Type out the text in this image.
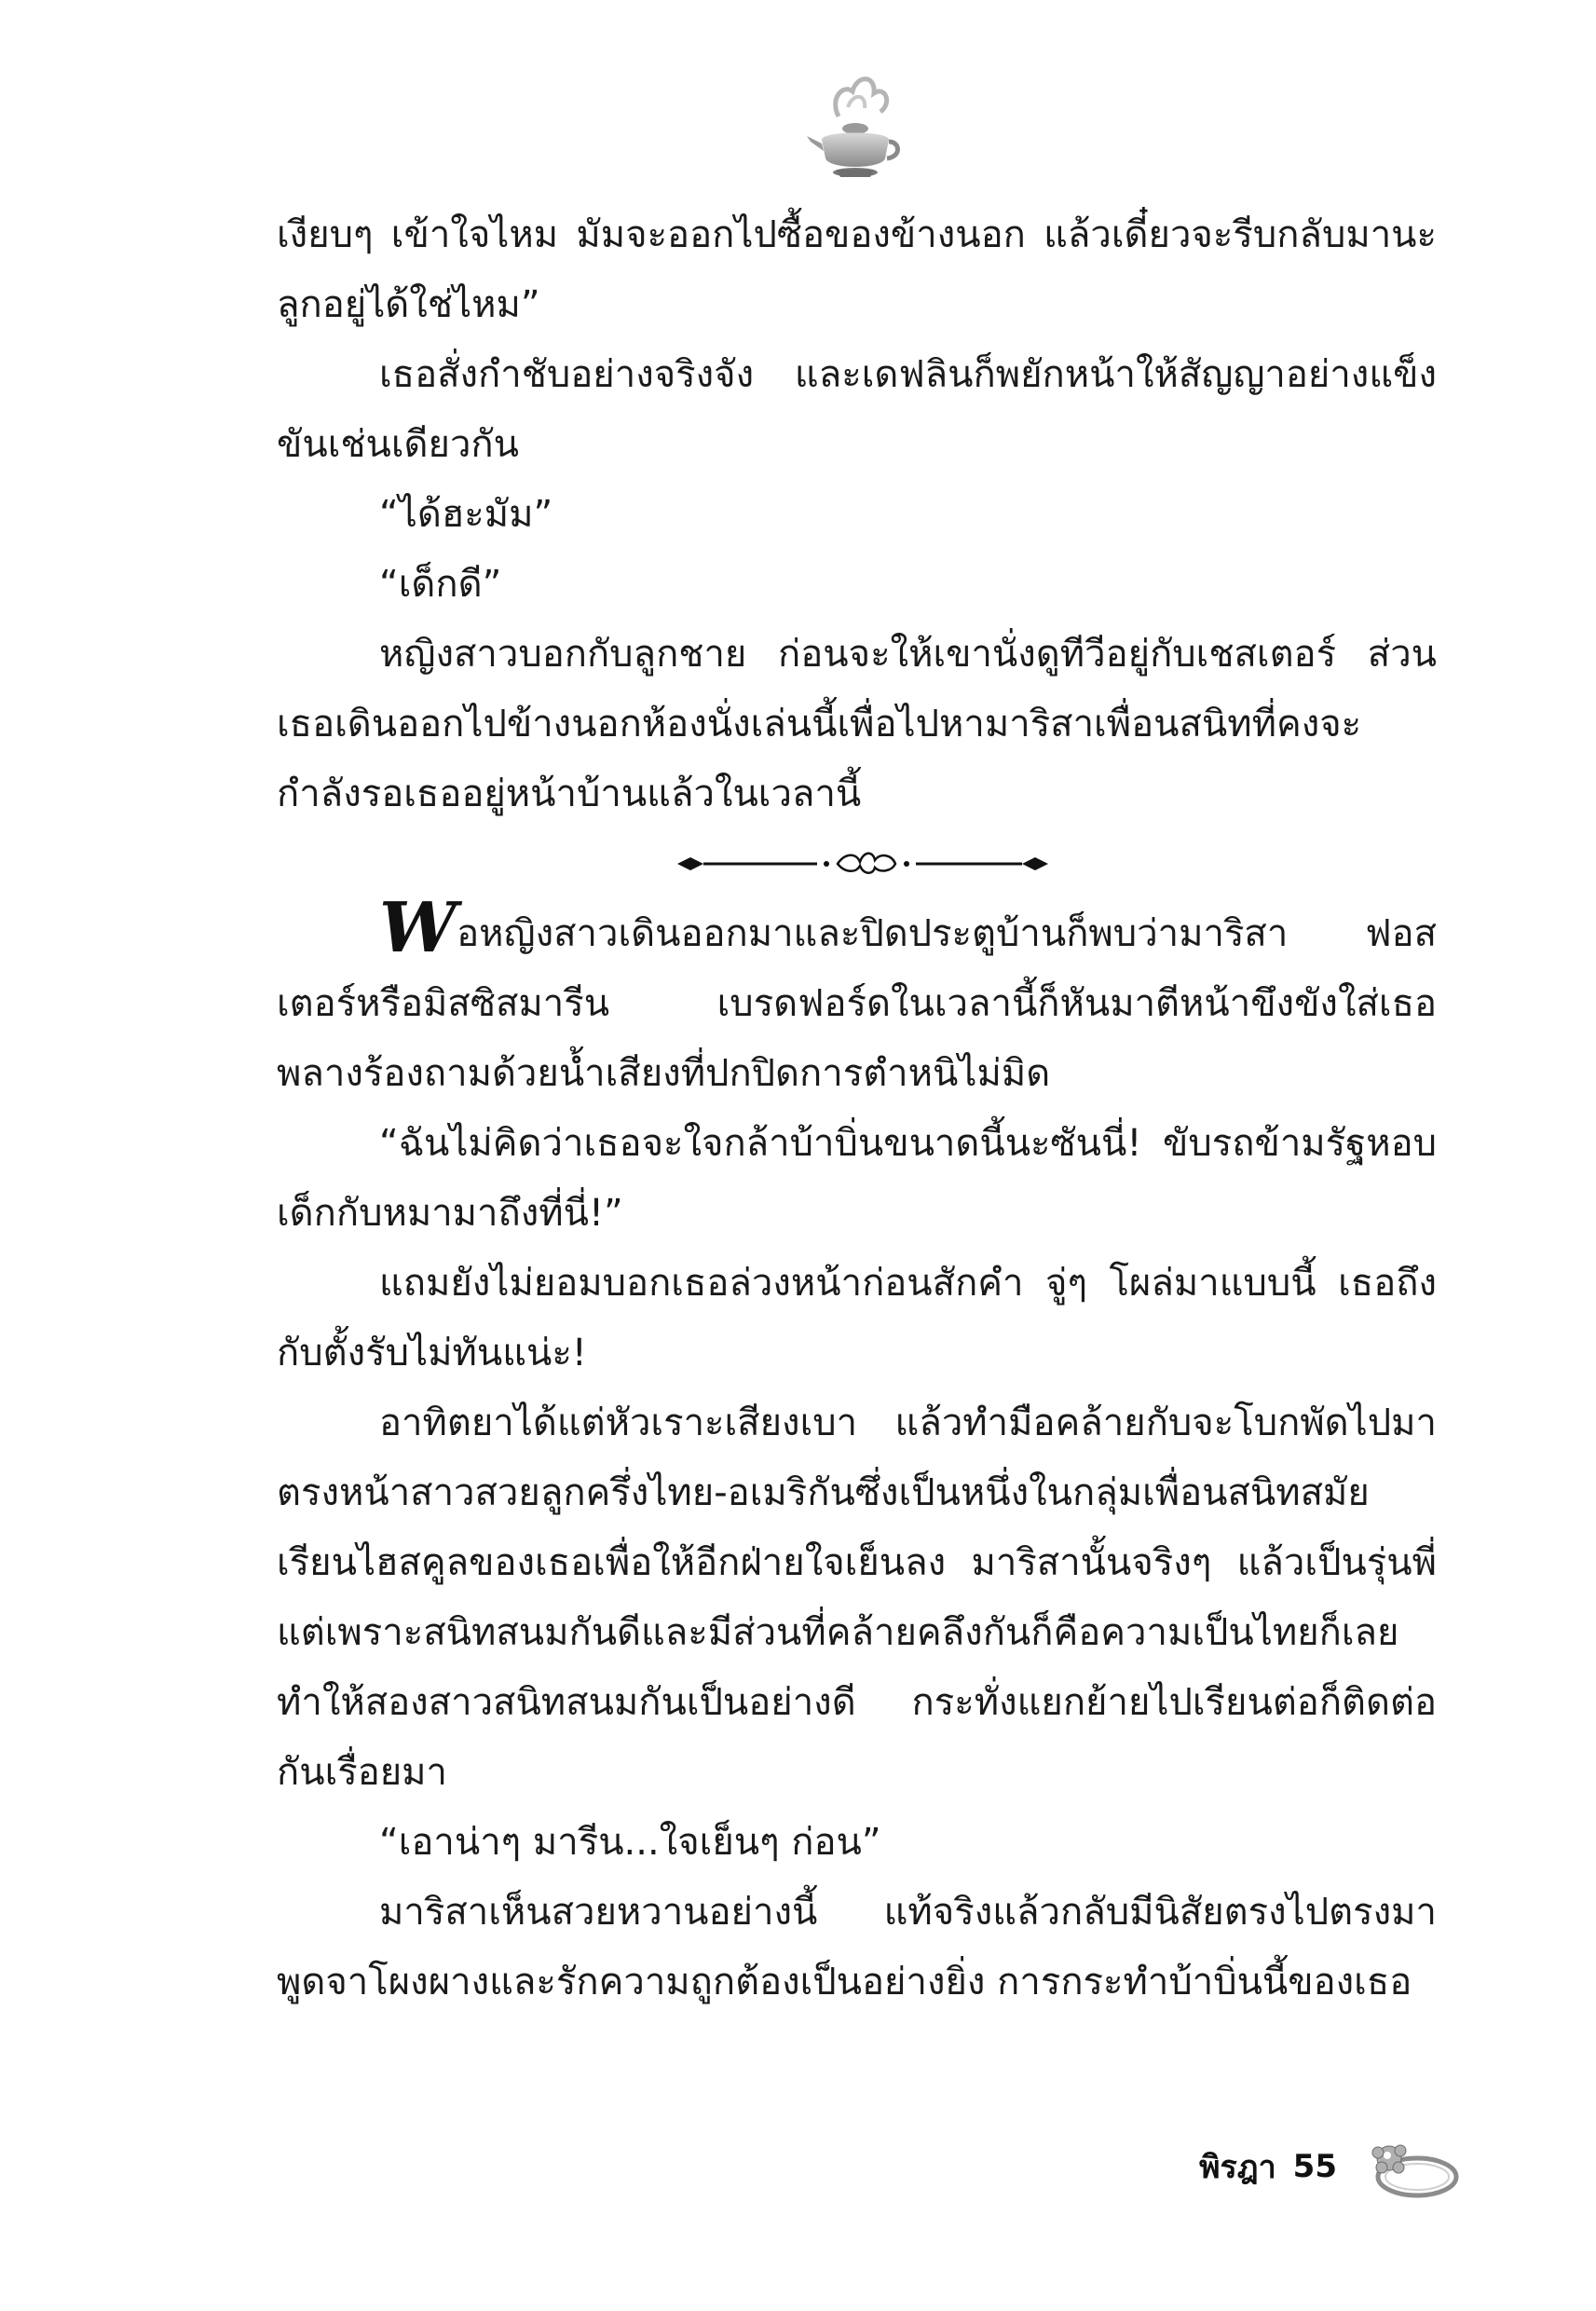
เงียบๆ เข้าใจไหม มัมจะออกไปซื้อของข้างนอก แล้วเดี๋ยวจะรีบกลับมานะ ลูกอยู่ได้ใช่ไหม”

เธอสั่งกำชับอย่างจริงจัง และเดฟลินก็พยักหน้าให้สัญญาอย่างแข็งขันเช่นเดียวกัน

“ได้ฮะมัม”

“เด็กดี”

หญิงสาวบอกกับลูกชาย ก่อนจะให้เขานั่งดูทีวีอยู่กับเชสเตอร์ ส่วนเธอเดินออกไปข้างนอกห้องนั่งเล่นนี้เพื่อไปหามาริสาเพื่อนสนิทที่คงจะกำลังรอเธออยู่หน้าบ้านแล้วในเวลานี้

Wอหญิงสาวเดินออกมาและปิดประตูบ้านก็พบว่ามาริสา ฟอสเตอร์หรือมิสซิสมารีน เบรดฟอร์ดในเวลานี้ก็หันมาตีหน้าขึงขังใส่เธอ พลางร้องถามด้วยน้ำเสียงที่ปกปิดการตำหนิไม่มิด

“ฉันไม่คิดว่าเธอจะใจกล้าบ้าบิ่นขนาดนี้นะซันนี่! ขับรถข้ามรัฐหอบเด็กกับหมามาถึงที่นี่!”

แถมยังไม่ยอมบอกเธอล่วงหน้าก่อนสักคำ จู่ๆ โผล่มาแบบนี้ เธอถึงกับตั้งรับไม่ทันแน่ะ!

อาทิตยาได้แต่หัวเราะเสียงเบา แล้วทำมือคล้ายกับจะโบกพัดไปมาตรงหน้าสาวสวยลูกครึ่งไทย-อเมริกันซึ่งเป็นหนึ่งในกลุ่มเพื่อนสนิทสมัยเรียนไฮสคูลของเธอเพื่อให้อีกฝ่ายใจเย็นลง มาริสานั้นจริงๆ แล้วเป็นรุ่นพี่ แต่เพราะสนิทสนมกันดีและมีส่วนที่คล้ายคลึงกันก็คือความเป็นไทยก็เลยทำให้สองสาวสนิทสนมกันเป็นอย่างดี กระทั่งแยกย้ายไปเรียนต่อก็ติดต่อกันเรื่อยมา

“เอาน่าๆ มารีน...ใจเย็นๆ ก่อน”

มาริสาเห็นสวยหวานอย่างนี้ แท้จริงแล้วกลับมีนิสัยตรงไปตรงมาพูดจาโผงผางและรักความถูกต้องเป็นอย่างยิ่ง การกระทำบ้าบิ่นนี้ของเธอ

พิรฎา 55
